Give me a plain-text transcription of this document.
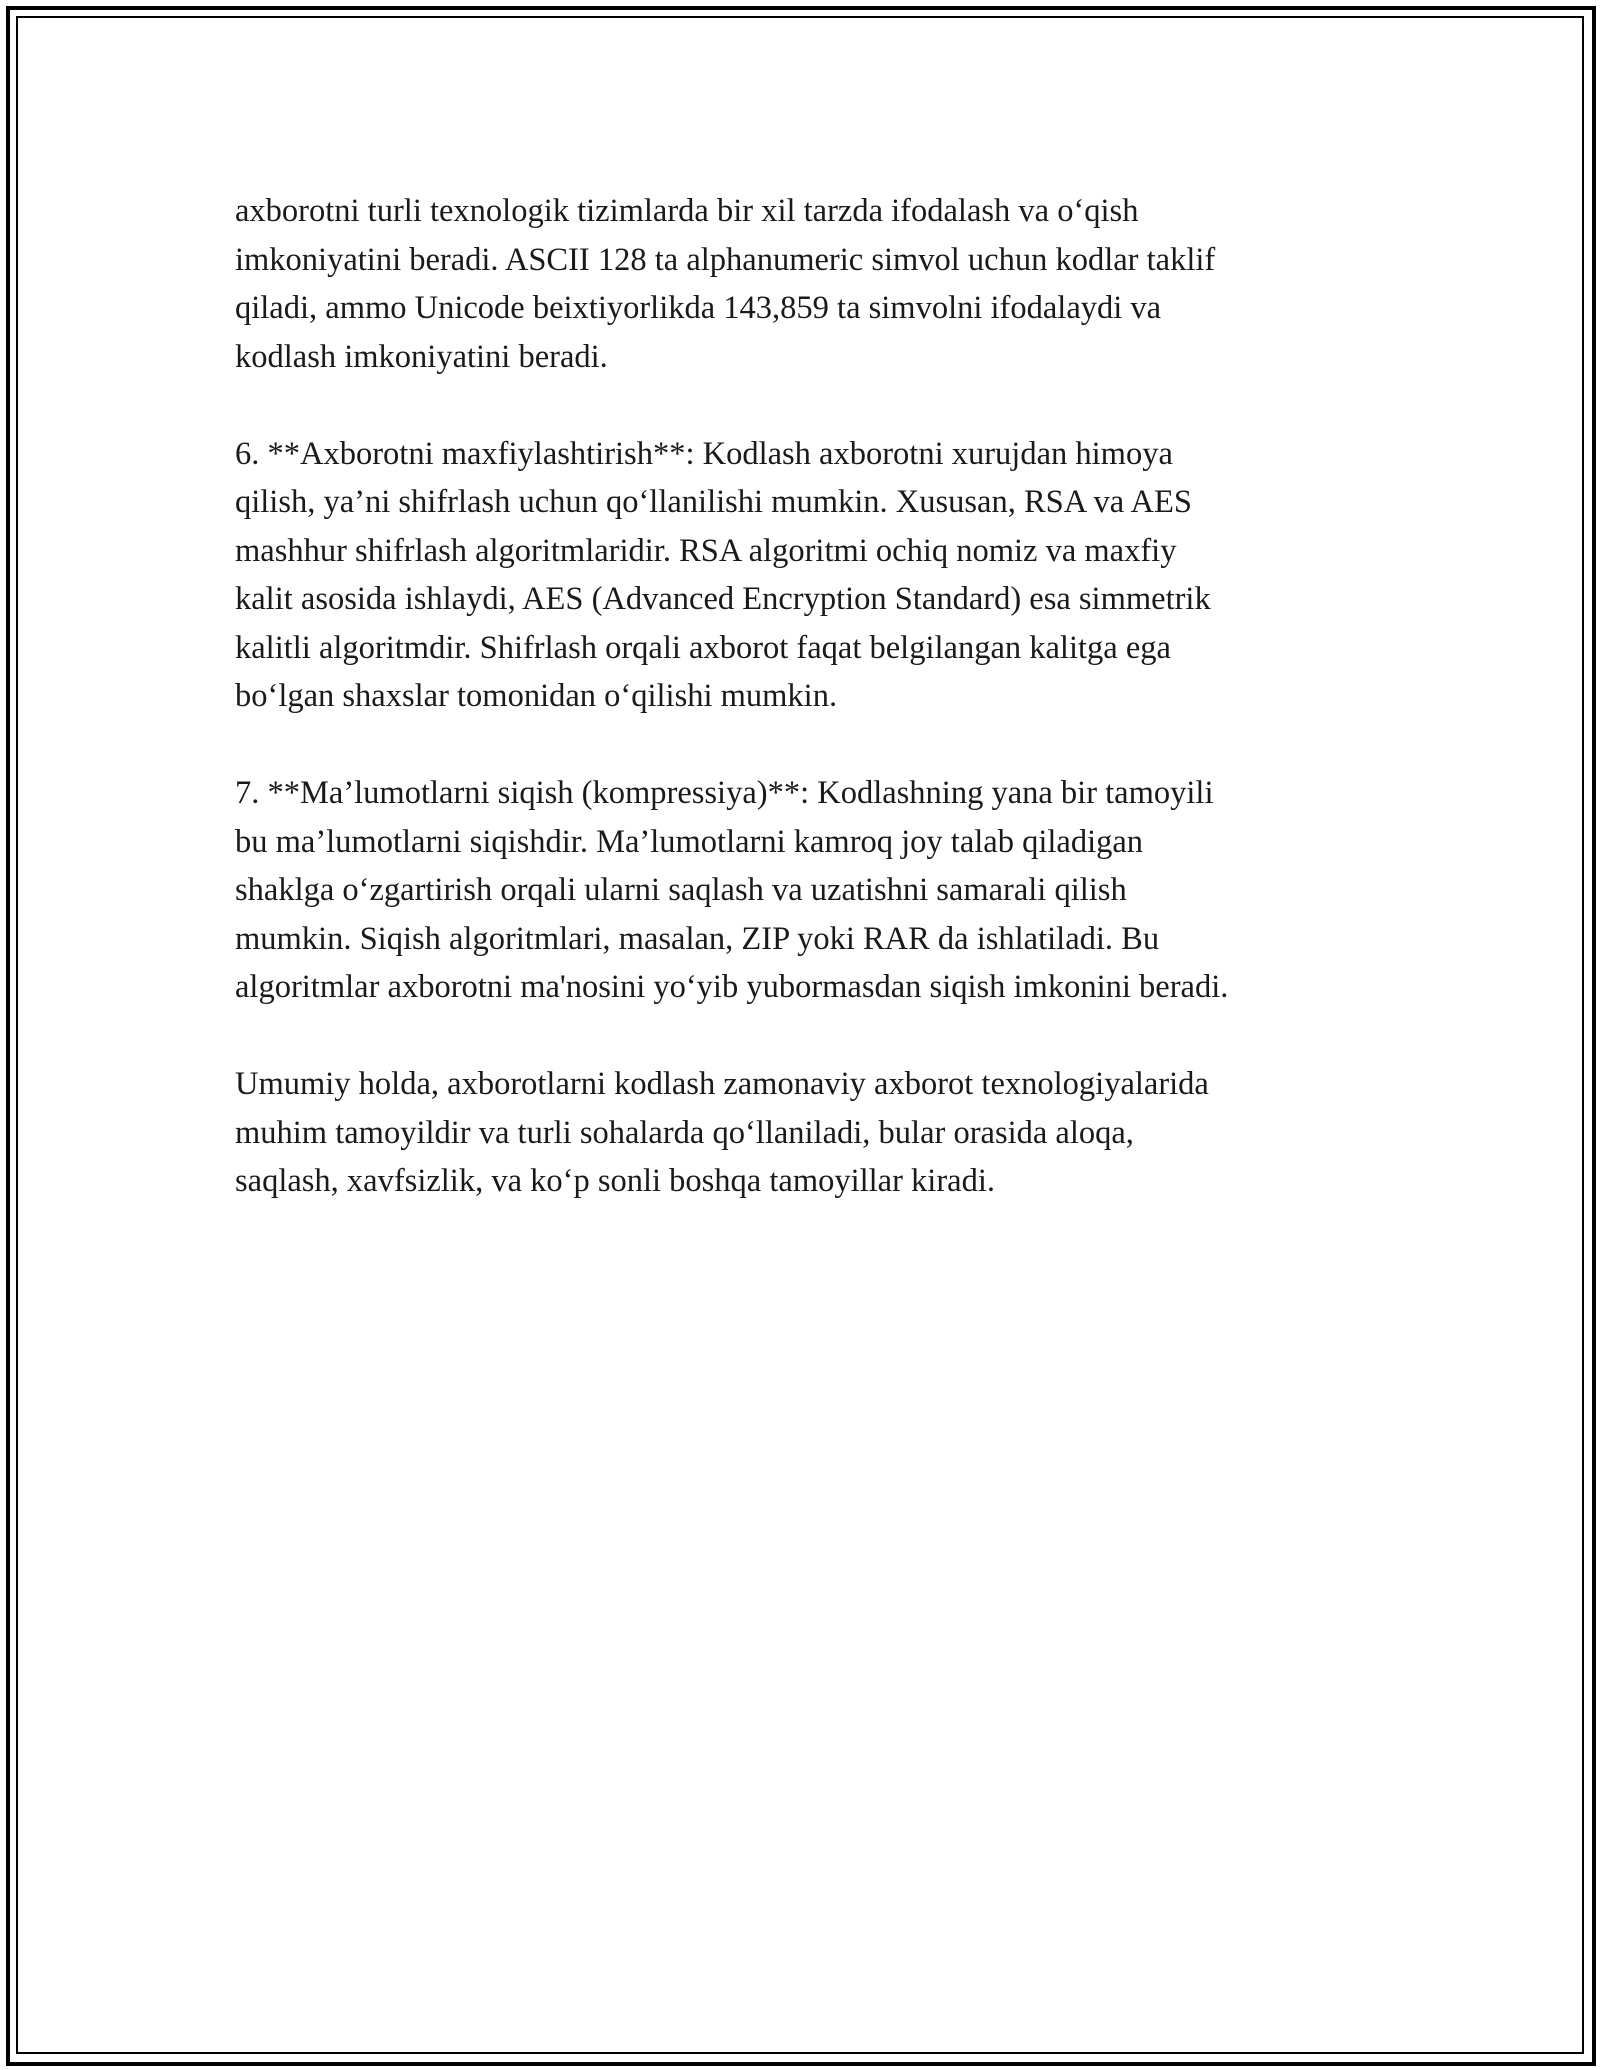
axborotni turli texnologik tizimlarda bir xil tarzda ifodalash va o‘qish
imkoniyatini beradi. ASCII 128 ta alphanumeric simvol uchun kodlar taklif
qiladi, ammo Unicode beixtiyorlikda 143,859 ta simvolni ifodalaydi va
kodlash imkoniyatini beradi.

6. **Axborotni maxfiylashtirish**: Kodlash axborotni xurujdan himoya
qilish, ya’ni shifrlash uchun qo‘llanilishi mumkin. Xususan, RSA va AES
mashhur shifrlash algoritmlaridir. RSA algoritmi ochiq nomiz va maxfiy
kalit asosida ishlaydi, AES (Advanced Encryption Standard) esa simmetrik
kalitli algoritmdir. Shifrlash orqali axborot faqat belgilangan kalitga ega
bo‘lgan shaxslar tomonidan o‘qilishi mumkin.

7. **Ma’lumotlarni siqish (kompressiya)**: Kodlashning yana bir tamoyili
bu ma’lumotlarni siqishdir. Ma’lumotlarni kamroq joy talab qiladigan
shaklga o‘zgartirish orqali ularni saqlash va uzatishni samarali qilish
mumkin. Siqish algoritmlari, masalan, ZIP yoki RAR da ishlatiladi. Bu
algoritmlar axborotni ma'nosini yo‘yib yubormasdan siqish imkonini beradi.

Umumiy holda, axborotlarni kodlash zamonaviy axborot texnologiyalarida
muhim tamoyildir va turli sohalarda qo‘llaniladi, bular orasida aloqa,
saqlash, xavfsizlik, va ko‘p sonli boshqa tamoyillar kiradi.
